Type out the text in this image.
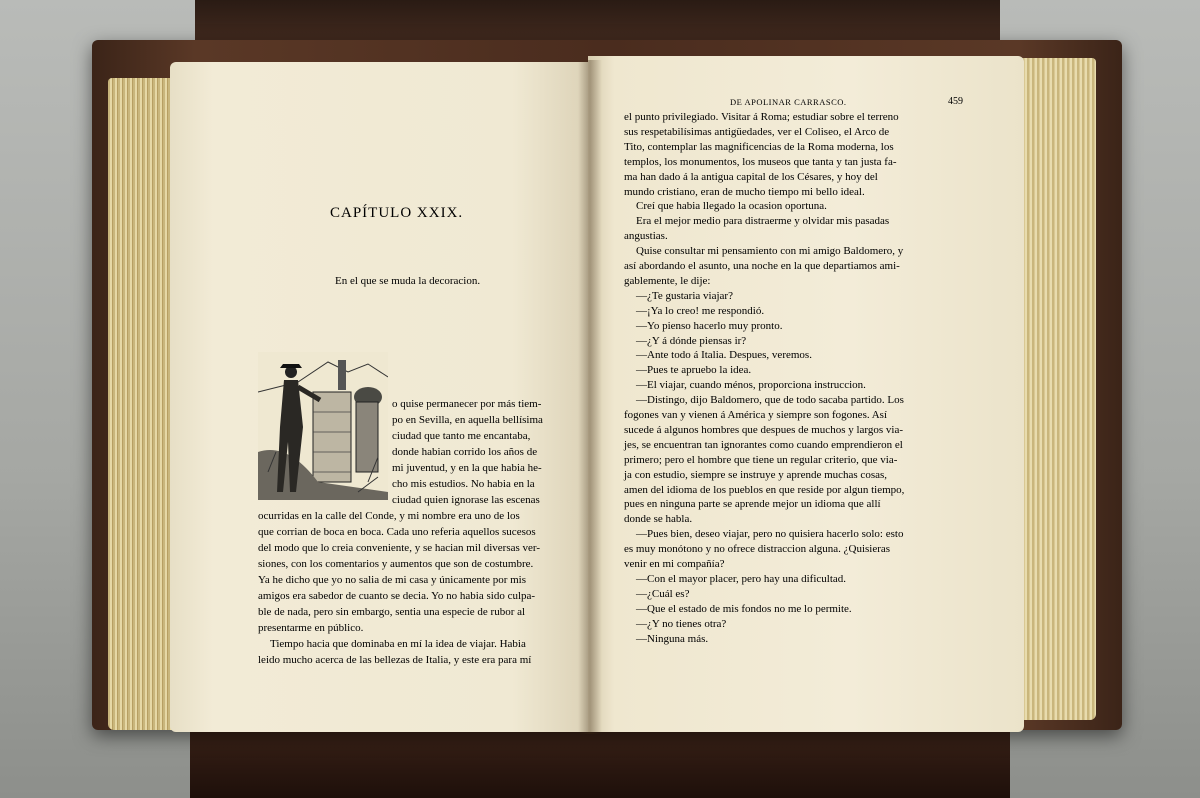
CAPÍTULO XXIX.
En el que se muda la decoracion.
o quise permanecer por más tiem-
po en Sevilla, en aquella bellísima
ciudad que tanto me encantaba,
donde habian corrido los años de
mi juventud, y en la que habia he-
cho mis estudios. No habia en la
ciudad quien ignorase las escenas
ocurridas en la calle del Conde, y mi nombre era uno de los
que corrian de boca en boca. Cada uno referia aquellos sucesos
del modo que lo creia conveniente, y se hacian mil diversas ver-
siones, con los comentarios y aumentos que son de costumbre.
Ya he dicho que yo no salia de mi casa y únicamente por mis
amigos era sabedor de cuanto se decia. Yo no habia sido culpa-
ble de nada, pero sin embargo, sentia una especie de rubor al
presentarme en público.
Tiempo hacia que dominaba en mí la idea de viajar. Habia
leido mucho acerca de las bellezas de Italia, y este era para mí
DE APOLINAR CARRASCO.	459
el punto privilegiado. Visitar á Roma; estudiar sobre el terreno
sus respetabilísimas antigüedades, ver el Coliseo, el Arco de
Tito, contemplar las magnificencias de la Roma moderna, los
templos, los monumentos, los museos que tanta y tan justa fa-
ma han dado á la antigua capital de los Césares, y hoy del
mundo cristiano, eran de mucho tiempo mi bello ideal.
Creí que habia llegado la ocasion oportuna.
Era el mejor medio para distraerme y olvidar mis pasadas
angustias.
Quise consultar mi pensamiento con mi amigo Baldomero, y
así abordando el asunto, una noche en la que departiamos ami-
gablemente, le dije:
—¿Te gustaria viajar?
—¡Ya lo creo! me respondió.
—Yo pienso hacerlo muy pronto.
—¿Y á dónde piensas ir?
—Ante todo á Italia. Despues, veremos.
—Pues te apruebo la idea.
—El viajar, cuando ménos, proporciona instruccion.
—Distingo, dijo Baldomero, que de todo sacaba partido. Los
fogones van y vienen á América y siempre son fogones. Así
sucede á algunos hombres que despues de muchos y largos via-
jes, se encuentran tan ignorantes como cuando emprendieron el
primero; pero el hombre que tiene un regular criterio, que via-
ja con estudio, siempre se instruye y aprende muchas cosas,
amen del idioma de los pueblos en que reside por algun tiempo,
pues en ninguna parte se aprende mejor un idioma que allí
donde se habla.
—Pues bien, deseo viajar, pero no quisiera hacerlo solo: esto
es muy monótono y no ofrece distraccion alguna. ¿Quisieras
venir en mi compañía?
—Con el mayor placer, pero hay una dificultad.
—¿Cuál es?
—Que el estado de mis fondos no me lo permite.
—¿Y no tienes otra?
—Ninguna más.
